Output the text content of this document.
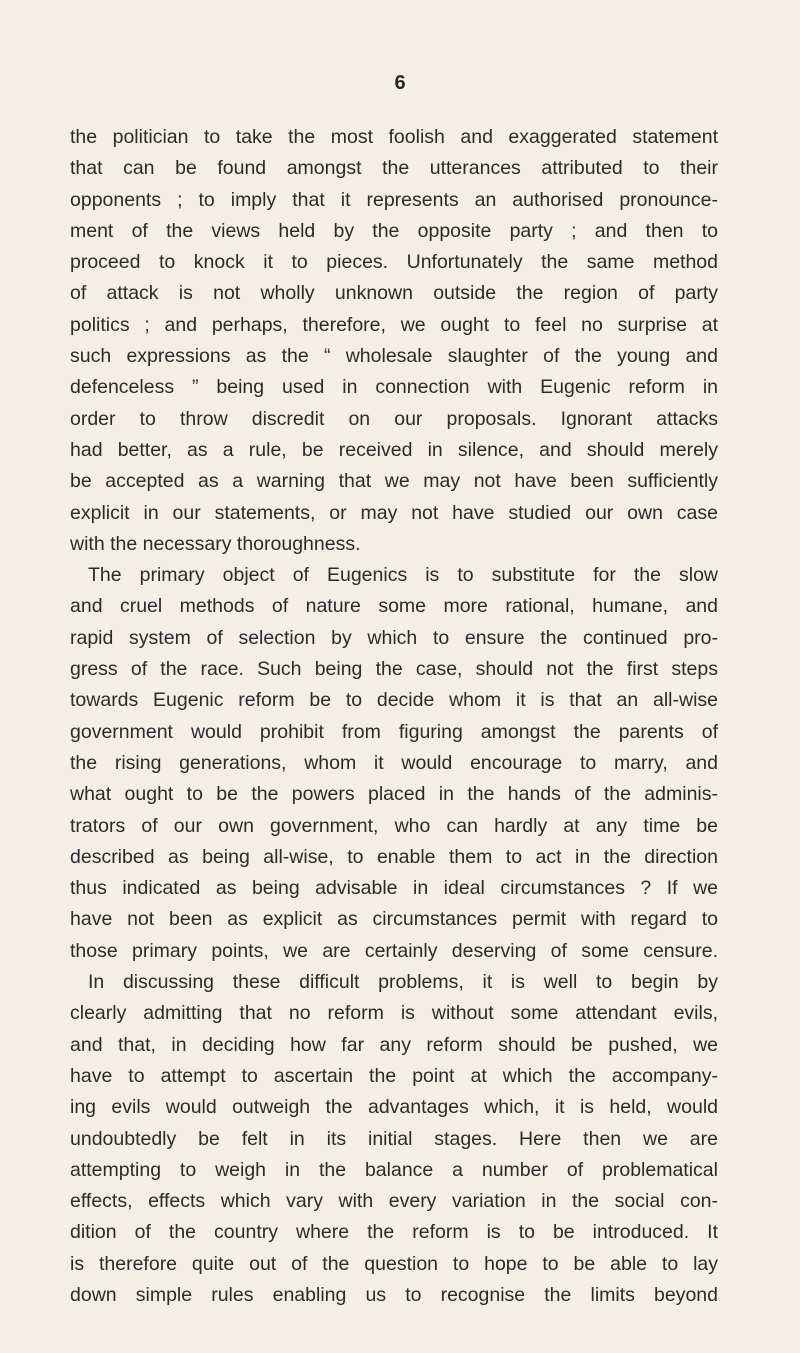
6
the politician to take the most foolish and exaggerated statement
that can be found amongst the utterances attributed to their
opponents ; to imply that it represents an authorised pronounce-
ment of the views held by the opposite party ; and then to
proceed to knock it to pieces. Unfortunately the same method
of attack is not wholly unknown outside the region of party
politics ; and perhaps, therefore, we ought to feel no surprise at
such expressions as the “ wholesale slaughter of the young and
defenceless ” being used in connection with Eugenic reform in
order to throw discredit on our proposals. Ignorant attacks
had better, as a rule, be received in silence, and should merely
be accepted as a warning that we may not have been sufficiently
explicit in our statements, or may not have studied our own case
with the necessary thoroughness.
The primary object of Eugenics is to substitute for the slow
and cruel methods of nature some more rational, humane, and
rapid system of selection by which to ensure the continued pro-
gress of the race. Such being the case, should not the first steps
towards Eugenic reform be to decide whom it is that an all-wise
government would prohibit from figuring amongst the parents of
the rising generations, whom it would encourage to marry, and
what ought to be the powers placed in the hands of the adminis-
trators of our own government, who can hardly at any time be
described as being all-wise, to enable them to act in the direction
thus indicated as being advisable in ideal circumstances ? If we
have not been as explicit as circumstances permit with regard to
those primary points, we are certainly deserving of some censure.
In discussing these difficult problems, it is well to begin by
clearly admitting that no reform is without some attendant evils,
and that, in deciding how far any reform should be pushed, we
have to attempt to ascertain the point at which the accompany-
ing evils would outweigh the advantages which, it is held, would
undoubtedly be felt in its initial stages. Here then we are
attempting to weigh in the balance a number of problematical
effects, effects which vary with every variation in the social con-
dition of the country where the reform is to be introduced. It
is therefore quite out of the question to hope to be able to lay
down simple rules enabling us to recognise the limits beyond
